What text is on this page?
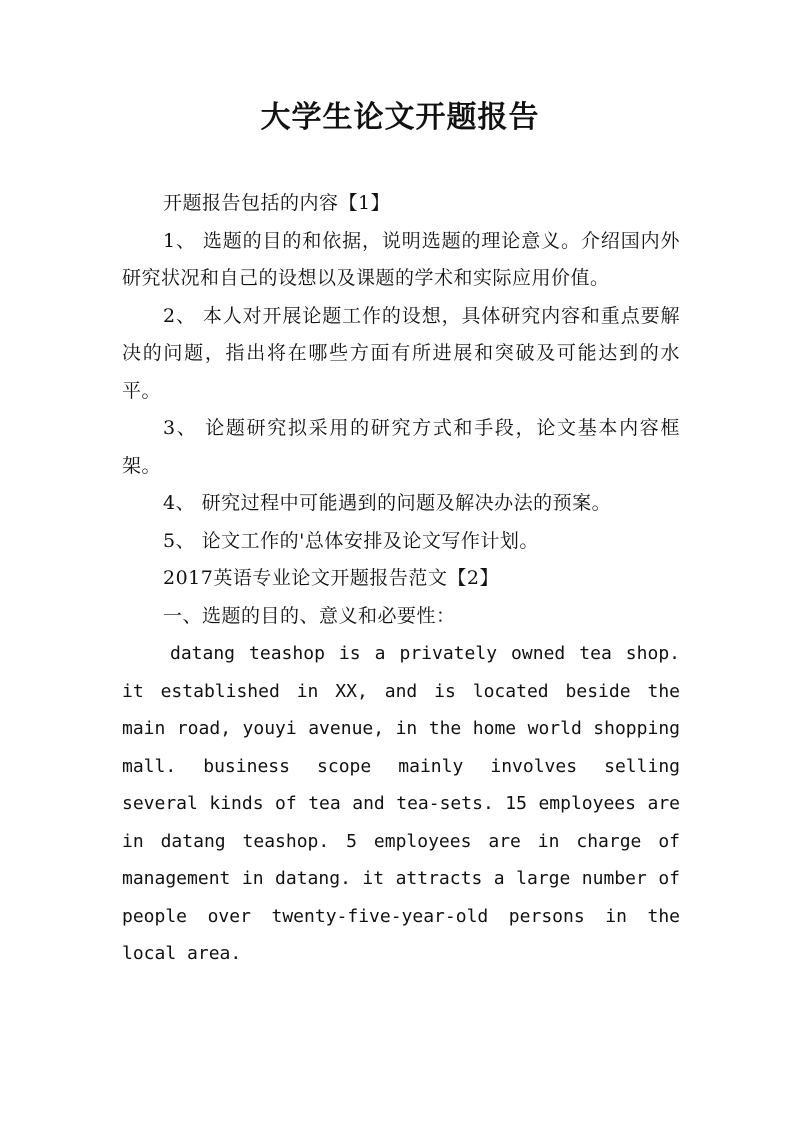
大学生论文开题报告

开题报告包括的内容【1】

1、 选题的目的和依据，说明选题的理论意义。介绍国内外研究状况和自己的设想以及课题的学术和实际应用价值。

2、 本人对开展论题工作的设想，具体研究内容和重点要解决的问题，指出将在哪些方面有所进展和突破及可能达到的水平。

3、 论题研究拟采用的研究方式和手段，论文基本内容框架。

4、 研究过程中可能遇到的问题及解决办法的预案。

5、 论文工作的'总体安排及论文写作计划。

2017英语专业论文开题报告范文【2】

一、选题的目的、意义和必要性：

datang teashop is a privately owned tea shop. it established in XX, and is located beside the main road, youyi avenue, in the home world shopping mall. business scope mainly involves selling several kinds of tea and tea-sets. 15 employees are in datang teashop. 5 employees are in charge of management in datang. it attracts a large number of people over twenty-five-year-old persons in the local area.
